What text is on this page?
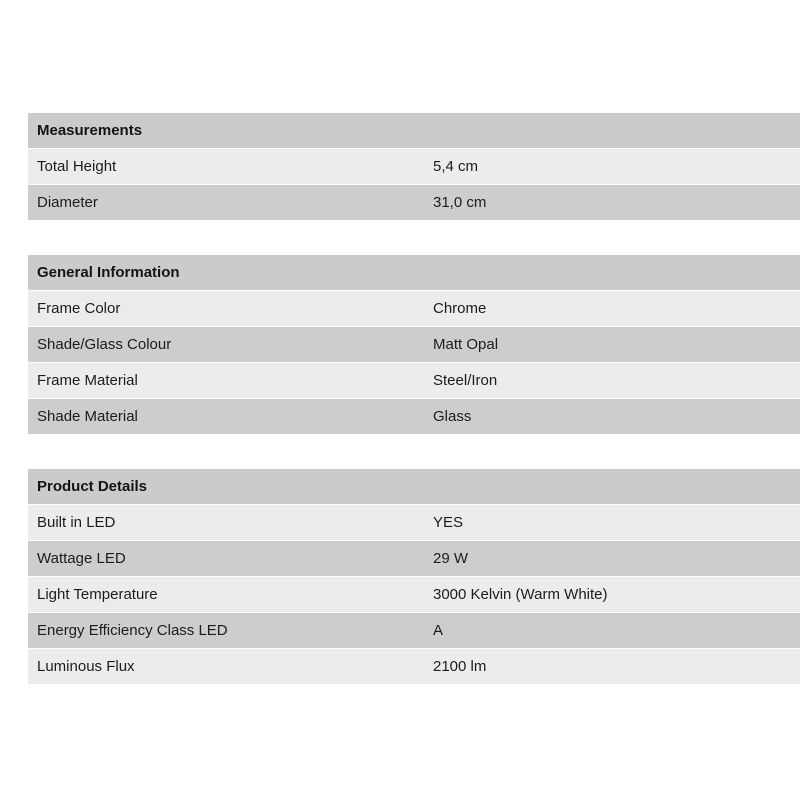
Measurements
Total Height	5,4 cm
Diameter	31,0 cm
General Information
Frame Color	Chrome
Shade/Glass Colour	Matt Opal
Frame Material	Steel/Iron
Shade Material	Glass
Product Details
Built in LED	YES
Wattage LED	29 W
Light Temperature	3000 Kelvin (Warm White)
Energy Efficiency Class LED	A
Luminous Flux	2100 lm
